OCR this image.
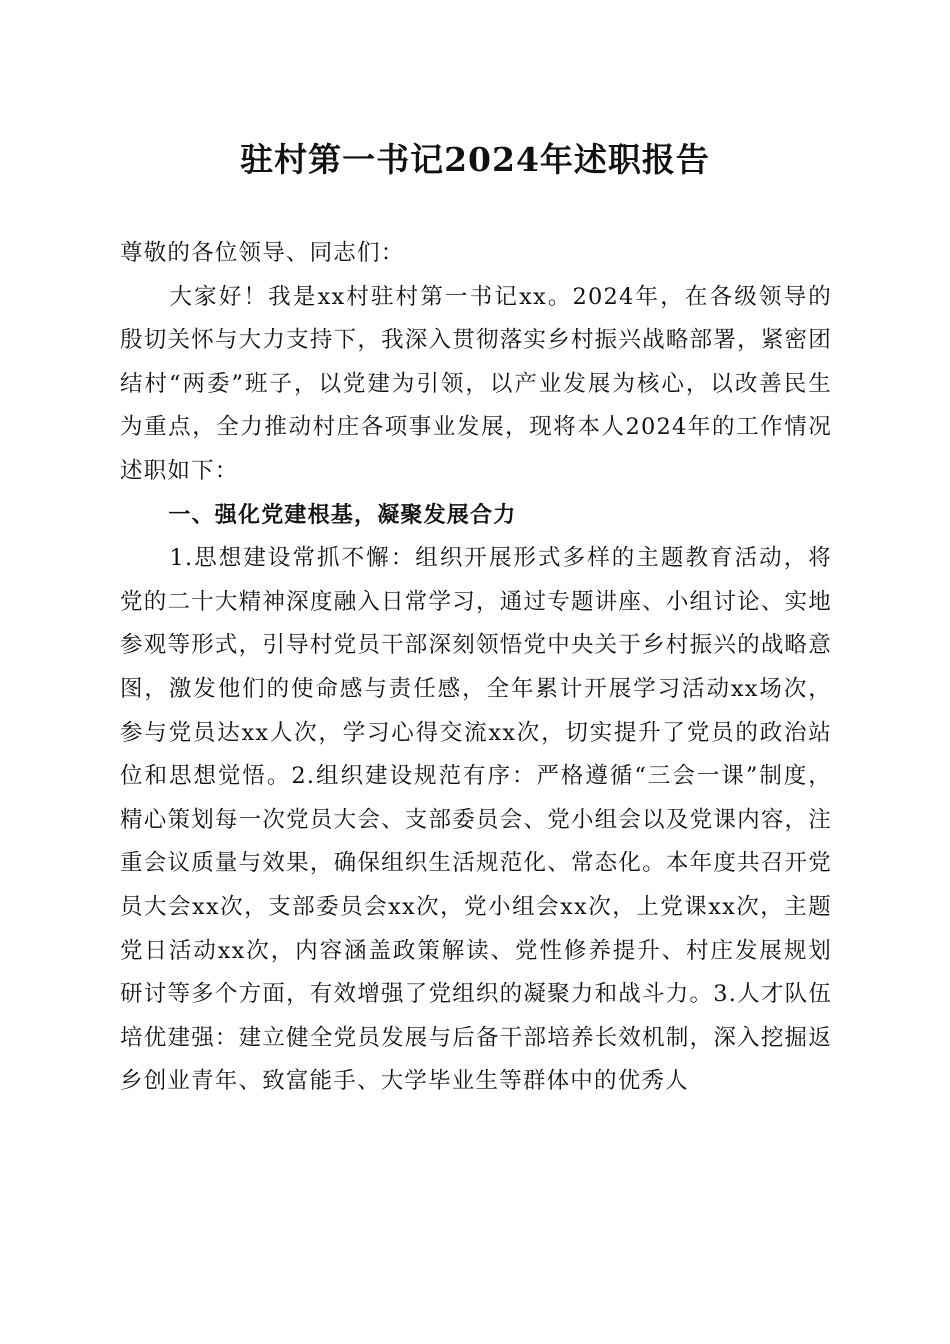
驻村第一书记2024年述职报告

尊敬的各位领导、同志们：

大家好！我是xx村驻村第一书记xx。2024年，在各级领导的殷切关怀与大力支持下，我深入贯彻落实乡村振兴战略部署，紧密团结村“两委”班子，以党建为引领，以产业发展为核心，以改善民生为重点，全力推动村庄各项事业发展，现将本人2024年的工作情况述职如下：

一、强化党建根基，凝聚发展合力

1.思想建设常抓不懈：组织开展形式多样的主题教育活动，将党的二十大精神深度融入日常学习，通过专题讲座、小组讨论、实地参观等形式，引导村党员干部深刻领悟党中央关于乡村振兴的战略意图，激发他们的使命感与责任感，全年累计开展学习活动xx场次，参与党员达xx人次，学习心得交流xx次，切实提升了党员的政治站位和思想觉悟。2.组织建设规范有序：严格遵循“三会一课”制度，精心策划每一次党员大会、支部委员会、党小组会以及党课内容，注重会议质量与效果，确保组织生活规范化、常态化。本年度共召开党员大会xx次，支部委员会xx次，党小组会xx次，上党课xx次，主题党日活动xx次，内容涵盖政策解读、党性修养提升、村庄发展规划研讨等多个方面，有效增强了党组织的凝聚力和战斗力。3.人才队伍培优建强：建立健全党员发展与后备干部培养长效机制，深入挖掘返乡创业青年、致富能手、大学毕业生等群体中的优秀人
